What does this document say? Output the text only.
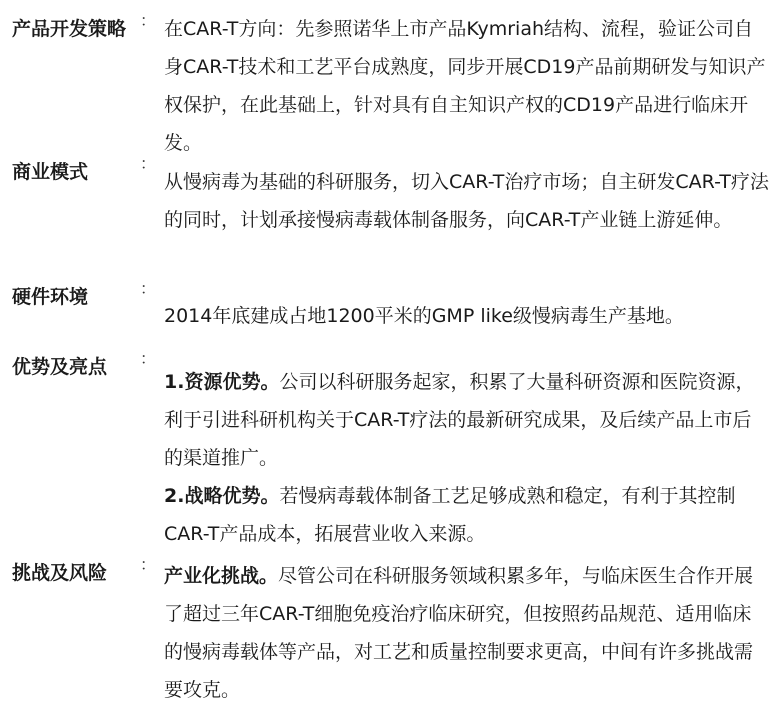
产品开发策略 ： 在CAR-T方向：先参照诺华上市产品Kymriah结构、流程，验证公司自身CAR-T技术和工艺平台成熟度，同步开展CD19产品前期研发与知识产权保护，在此基础上，针对具有自主知识产权的CD19产品进行临床开发。

商业模式	：

从慢病毒为基础的科研服务，切入CAR-T治疗市场；自主研发CAR-T疗法的同时，计划承接慢病毒载体制备服务，向CAR-T产业链上游延伸。

硬件环境	：

2014年底建成占地1200平米的GMP like级慢病毒生产基地。

优势及亮点	：

1.资源优势。公司以科研服务起家，积累了大量科研资源和医院资源，利于引进科研机构关于CAR-T疗法的最新研究成果，及后续产品上市后的渠道推广。

2.战略优势。若慢病毒载体制备工艺足够成熟和稳定，有利于其控制CAR-T产品成本，拓展营业收入来源。

挑战及风险	：

产业化挑战。尽管公司在科研服务领域积累多年，与临床医生合作开展了超过三年CAR-T细胞免疫治疗临床研究，但按照药品规范、适用临床的慢病毒载体等产品，对工艺和质量控制要求更高，中间有许多挑战需要攻克。
